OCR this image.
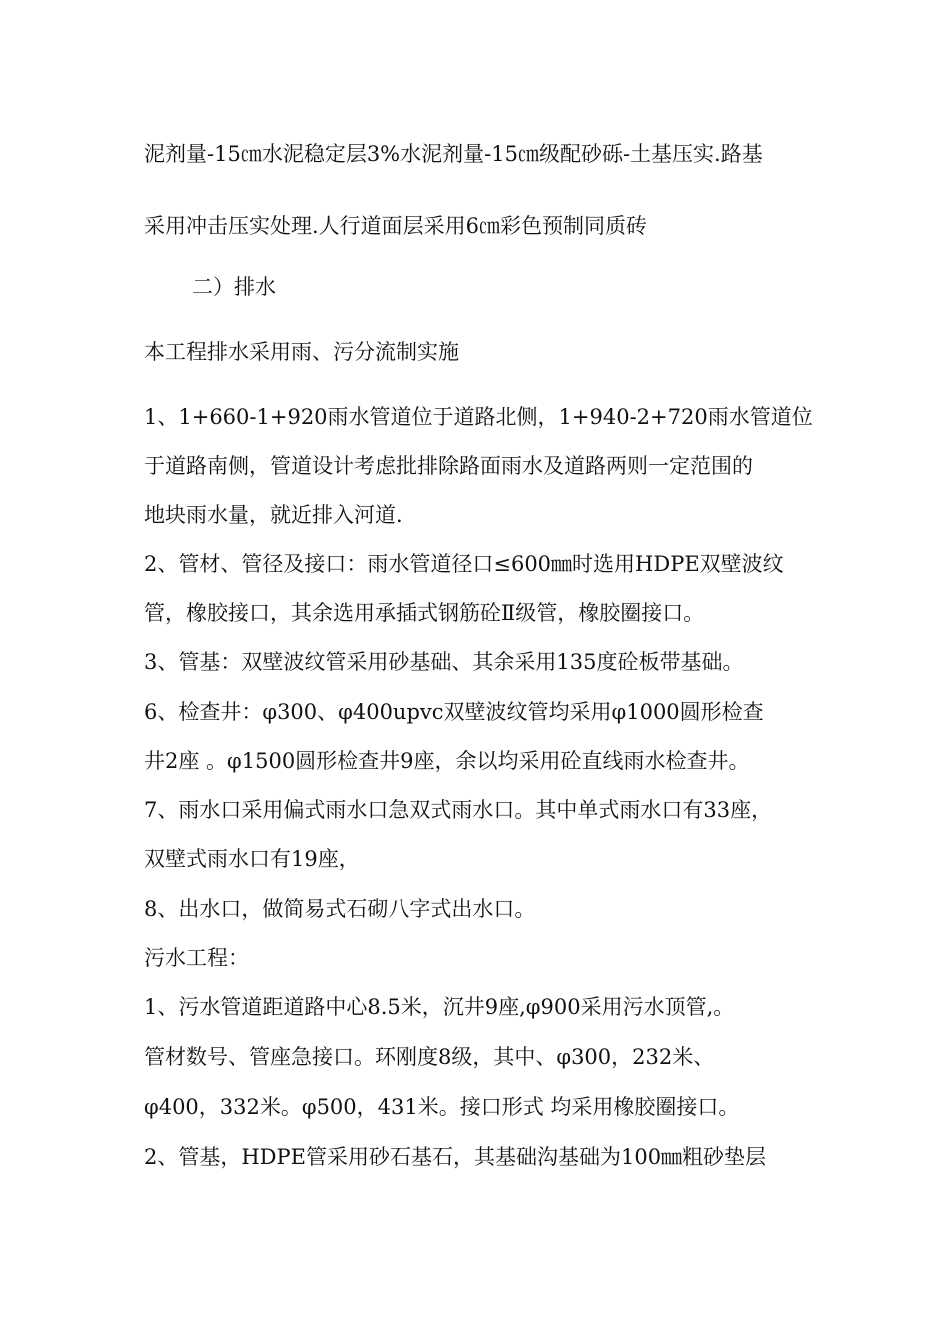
泥剂量-15㎝水泥稳定层3%水泥剂量-15㎝级配砂砾-土基压实.路基
采用冲击压实处理.人行道面层采用6㎝彩色预制同质砖
二）排水
本工程排水采用雨、污分流制实施
1、1+660-1+920雨水管道位于道路北侧，1+940-2+720雨水管道位
于道路南侧，管道设计考虑批排除路面雨水及道路两则一定范围的
地块雨水量，就近排入河道.
2、管材、管径及接口：雨水管道径口≤600㎜时选用HDPE双壁波纹
管，橡胶接口，其余选用承插式钢筋砼Ⅱ级管，橡胶圈接口。
3、管基：双壁波纹管采用砂基础、其余采用135度砼板带基础。
6、检查井：φ300、φ400upvc双壁波纹管均采用φ1000圆形检查
井2座 。φ1500圆形检查井9座，余以均采用砼直线雨水检查井。
7、雨水口采用偏式雨水口急双式雨水口。其中单式雨水口有33座，
双壁式雨水口有19座，
8、出水口，做简易式石砌八字式出水口。
污水工程：
1、污水管道距道路中心8.5米，沉井9座,φ900采用污水顶管,。
管材数号、管座急接口。环刚度8级，其中、φ300，232米、
φ400，332米。φ500，431米。接口形式 均采用橡胶圈接口。
2、管基，HDPE管采用砂石基石，其基础沟基础为100㎜粗砂垫层
